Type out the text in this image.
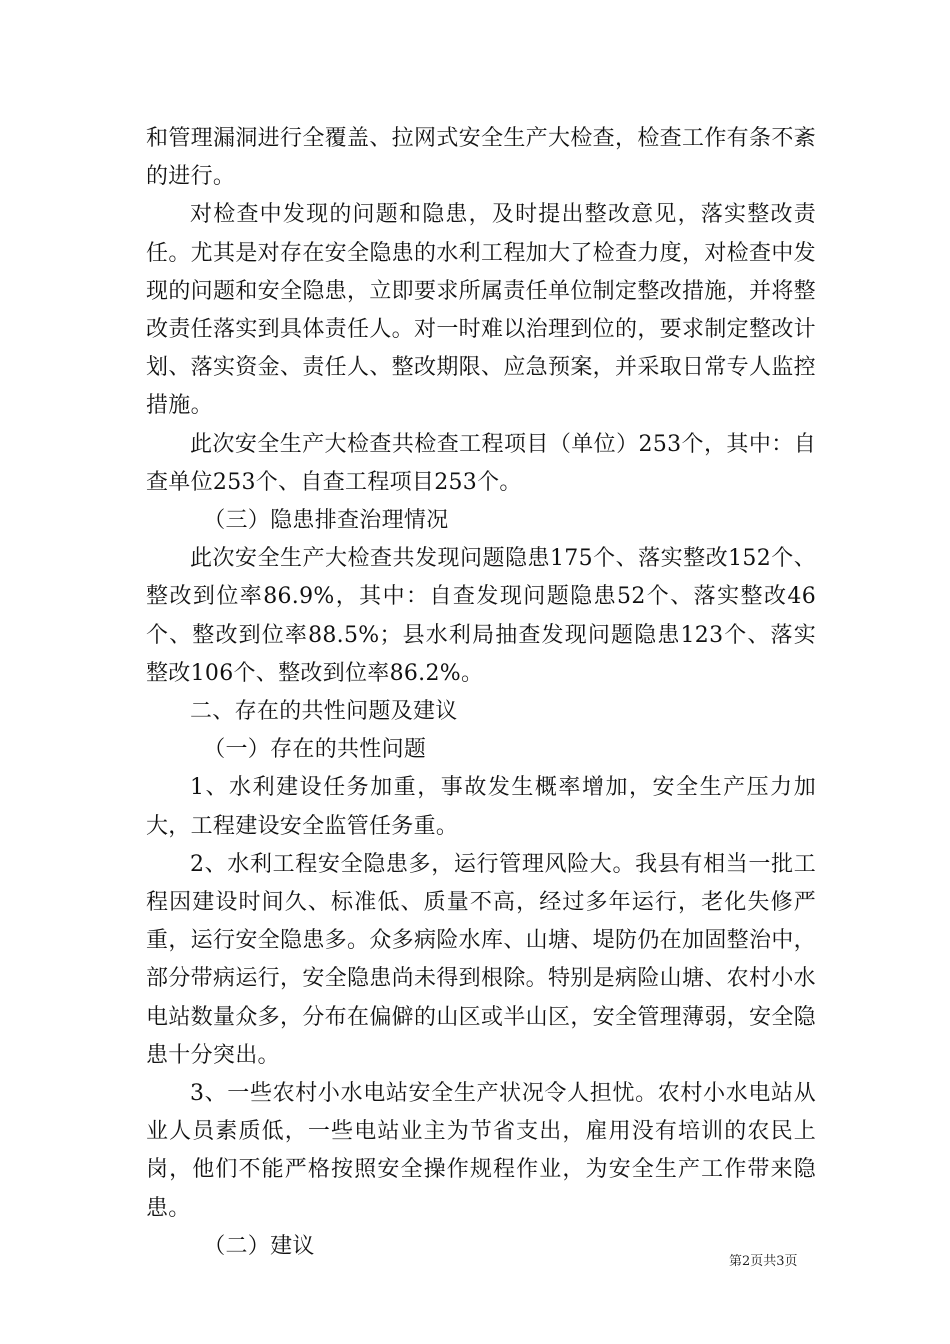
和管理漏洞进行全覆盖、拉网式安全生产大检查，检查工作有条不紊的进行。

对检查中发现的问题和隐患，及时提出整改意见，落实整改责任。尤其是对存在安全隐患的水利工程加大了检查力度，对检查中发现的问题和安全隐患，立即要求所属责任单位制定整改措施，并将整改责任落实到具体责任人。对一时难以治理到位的，要求制定整改计划、落实资金、责任人、整改期限、应急预案，并采取日常专人监控措施。

此次安全生产大检查共检查工程项目（单位）253个，其中：自查单位253个、自查工程项目253个。

（三）隐患排查治理情况

此次安全生产大检查共发现问题隐患175个、落实整改152个、整改到位率86.9%，其中：自查发现问题隐患52个、落实整改46个、整改到位率88.5%；县水利局抽查发现问题隐患123个、落实整改106个、整改到位率86.2%。

二、存在的共性问题及建议

（一）存在的共性问题

1、水利建设任务加重，事故发生概率增加，安全生产压力加大，工程建设安全监管任务重。

2、水利工程安全隐患多，运行管理风险大。我县有相当一批工程因建设时间久、标准低、质量不高，经过多年运行，老化失修严重，运行安全隐患多。众多病险水库、山塘、堤防仍在加固整治中，部分带病运行，安全隐患尚未得到根除。特别是病险山塘、农村小水电站数量众多，分布在偏僻的山区或半山区，安全管理薄弱，安全隐患十分突出。

3、一些农村小水电站安全生产状况令人担忧。农村小水电站从业人员素质低，一些电站业主为节省支出，雇用没有培训的农民上岗，他们不能严格按照安全操作规程作业，为安全生产工作带来隐患。

（二）建议

第2页共3页
